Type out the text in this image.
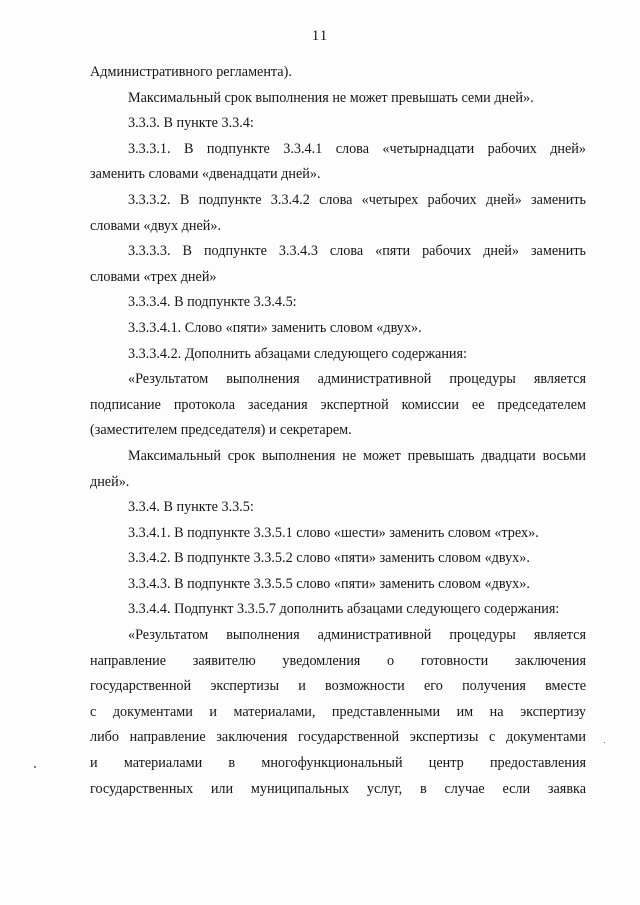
11
Административного регламента).
Максимальный срок выполнения не может превышать семи дней».
3.3.3. В пункте 3.3.4:
3.3.3.1. В подпункте 3.3.4.1 слова «четырнадцати рабочих дней»
заменить словами «двенадцати дней».
3.3.3.2. В подпункте 3.3.4.2 слова «четырех рабочих дней» заменить
словами «двух дней».
3.3.3.3. В подпункте 3.3.4.3 слова «пяти рабочих дней» заменить
словами «трех дней»
3.3.3.4. В подпункте 3.3.4.5:
3.3.3.4.1. Слово «пяти» заменить словом «двух».
3.3.3.4.2. Дополнить абзацами следующего содержания:
«Результатом выполнения административной процедуры является
подписание протокола заседания экспертной комиссии ее председателем
(заместителем председателя) и секретарем.
Максимальный срок выполнения не может превышать двадцати восьми
дней».
3.3.4. В пункте 3.3.5:
3.3.4.1. В подпункте 3.3.5.1 слово «шести» заменить словом «трех».
3.3.4.2. В подпункте 3.3.5.2 слово «пяти» заменить словом «двух».
3.3.4.3. В подпункте 3.3.5.5 слово «пяти» заменить словом «двух».
3.3.4.4. Подпункт 3.3.5.7 дополнить абзацами следующего содержания:
«Результатом выполнения административной процедуры является
направление заявителю уведомления о готовности заключения
государственной экспертизы и возможности его получения вместе
с документами и материалами, представленными им на экспертизу
либо направление заключения государственной экспертизы с документами
и материалами в многофункциональный центр предоставления
государственных или муниципальных услуг, в случае если заявка
